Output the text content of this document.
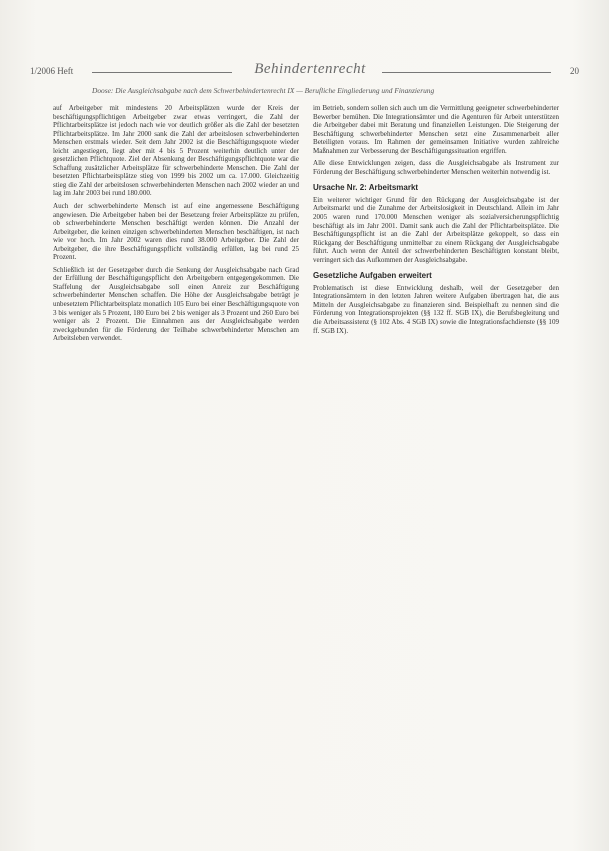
1/2006 Heft	Behindertenrecht	20
Doose: Die Ausgleichsabgabe nach dem Schwerbehindertenrecht IX — Berufliche Eingliederung und Finanzierung

auf Arbeitgeber mit mindestens 20 Arbeitsplätzen wurde der Kreis der beschäftigungspflichtigen Arbeitgeber zwar etwas verringert, die Zahl der Pflichtarbeitsplätze ist jedoch nach wie vor deutlich größer als die Zahl der besetzten Pflichtarbeitsplätze. Im Jahr 2000 sank die Zahl der arbeitslosen schwerbehinderten Menschen erstmals wieder. Seit dem Jahr 2002 ist die Beschäftigungsquote wieder leicht angestiegen, liegt aber mit 4 bis 5 Prozent weiterhin deutlich unter der gesetzlichen Pflichtquote. Ziel der Absenkung der Beschäftigungspflichtquote war die Schaffung zusätzlicher Arbeitsplätze für schwerbehinderte Menschen. Die Zahl der besetzten Pflichtarbeitsplätze stieg von 1999 bis 2002 um ca. 17.000. Gleichzeitig stieg die Zahl der arbeitslosen schwerbehinderten Menschen nach 2002 wieder an und lag im Jahr 2003 bei rund 180.000.

Auch der schwerbehinderte Mensch ist auf eine angemessene Beschäftigung angewiesen. Die Arbeitgeber haben bei der Besetzung freier Arbeitsplätze zu prüfen, ob schwerbehinderte Menschen beschäftigt werden können. Die Anzahl der Arbeitgeber, die keinen einzigen schwerbehinderten Menschen beschäftigen, ist nach wie vor hoch. Im Jahr 2002 waren dies rund 38.000 Arbeitgeber. Die Zahl der Arbeitgeber, die ihre Beschäftigungspflicht vollständig erfüllen, lag bei rund 25 Prozent.

Schließlich ist der Gesetzgeber durch die Senkung der Ausgleichsabgabe nach Grad der Erfüllung der Beschäftigungspflicht den Arbeitgebern entgegengekommen. Die Staffelung der Ausgleichsabgabe soll einen Anreiz zur Beschäftigung schwerbehinderter Menschen schaffen. Die Höhe der Ausgleichsabgabe beträgt je unbesetztem Pflichtarbeitsplatz monatlich 105 Euro bei einer Beschäftigungsquote von 3 bis weniger als 5 Prozent, 180 Euro bei 2 bis weniger als 3 Prozent und 260 Euro bei weniger als 2 Prozent. Die Einnahmen aus der Ausgleichsabgabe werden zweckgebunden für die Förderung der Teilhabe schwerbehinderter Menschen am Arbeitsleben verwendet.

im Betrieb, sondern sollen sich auch um die Vermittlung geeigneter schwerbehinderter Bewerber bemühen. Die Integrationsämter und die Agenturen für Arbeit unterstützen die Arbeitgeber dabei mit Beratung und finanziellen Leistungen. Die Steigerung der Beschäftigung schwerbehinderter Menschen setzt eine Zusammenarbeit aller Beteiligten voraus. Im Rahmen der gemeinsamen Initiative wurden zahlreiche Maßnahmen zur Verbesserung der Beschäftigungssituation ergriffen.

Alle diese Entwicklungen zeigen, dass die Ausgleichsabgabe als Instrument zur Förderung der Beschäftigung schwerbehinderter Menschen weiterhin notwendig ist.

Ursache Nr. 2: Arbeitsmarkt

Ein weiterer wichtiger Grund für den Rückgang der Ausgleichsabgabe ist der Arbeitsmarkt und die Zunahme der Arbeitslosigkeit in Deutschland. Allein im Jahr 2005 waren rund 170.000 Menschen weniger als sozialversicherungspflichtig beschäftigt als im Jahr 2001. Damit sank auch die Zahl der Pflichtarbeitsplätze. Die Beschäftigungspflicht ist an die Zahl der Arbeitsplätze gekoppelt, so dass ein Rückgang der Beschäftigung unmittelbar zu einem Rückgang der Ausgleichsabgabe führt. Auch wenn der Anteil der schwerbehinderten Beschäftigten konstant bleibt, verringert sich das Aufkommen der Ausgleichsabgabe.

Gesetzliche Aufgaben erweitert

Problematisch ist diese Entwicklung deshalb, weil der Gesetzgeber den Integrationsämtern in den letzten Jahren weitere Aufgaben übertragen hat, die aus Mitteln der Ausgleichsabgabe zu finanzieren sind. Beispielhaft zu nennen sind die Förderung von Integrationsprojekten (§§ 132 ff. SGB IX), die Berufsbegleitung und die Arbeitsassistenz (§ 102 Abs. 4 SGB IX) sowie die Integrationsfachdienste (§§ 109 ff. SGB IX).
